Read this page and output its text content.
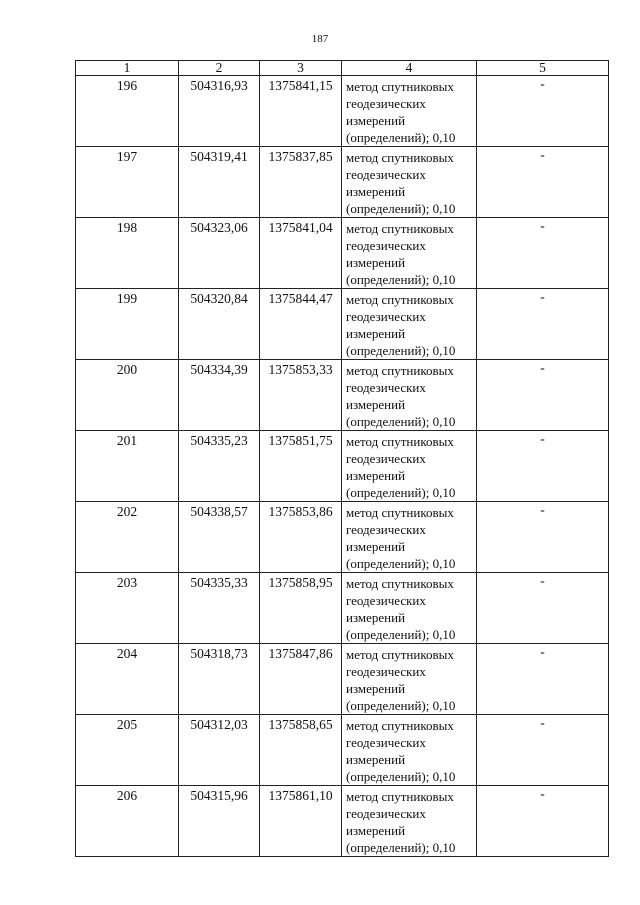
187
1	2	3	4	5
196	504316,93	1375841,15	метод спутниковых
геодезических
измерений
(определений); 0,10	-
197	504319,41	1375837,85	метод спутниковых
геодезических
измерений
(определений); 0,10	-
198	504323,06	1375841,04	метод спутниковых
геодезических
измерений
(определений); 0,10	-
199	504320,84	1375844,47	метод спутниковых
геодезических
измерений
(определений); 0,10	-
200	504334,39	1375853,33	метод спутниковых
геодезических
измерений
(определений); 0,10	-
201	504335,23	1375851,75	метод спутниковых
геодезических
измерений
(определений); 0,10	-
202	504338,57	1375853,86	метод спутниковых
геодезических
измерений
(определений); 0,10	-
203	504335,33	1375858,95	метод спутниковых
геодезических
измерений
(определений); 0,10	-
204	504318,73	1375847,86	метод спутниковых
геодезических
измерений
(определений); 0,10	-
205	504312,03	1375858,65	метод спутниковых
геодезических
измерений
(определений); 0,10	-
206	504315,96	1375861,10	метод спутниковых
геодезических
измерений
(определений); 0,10	-
